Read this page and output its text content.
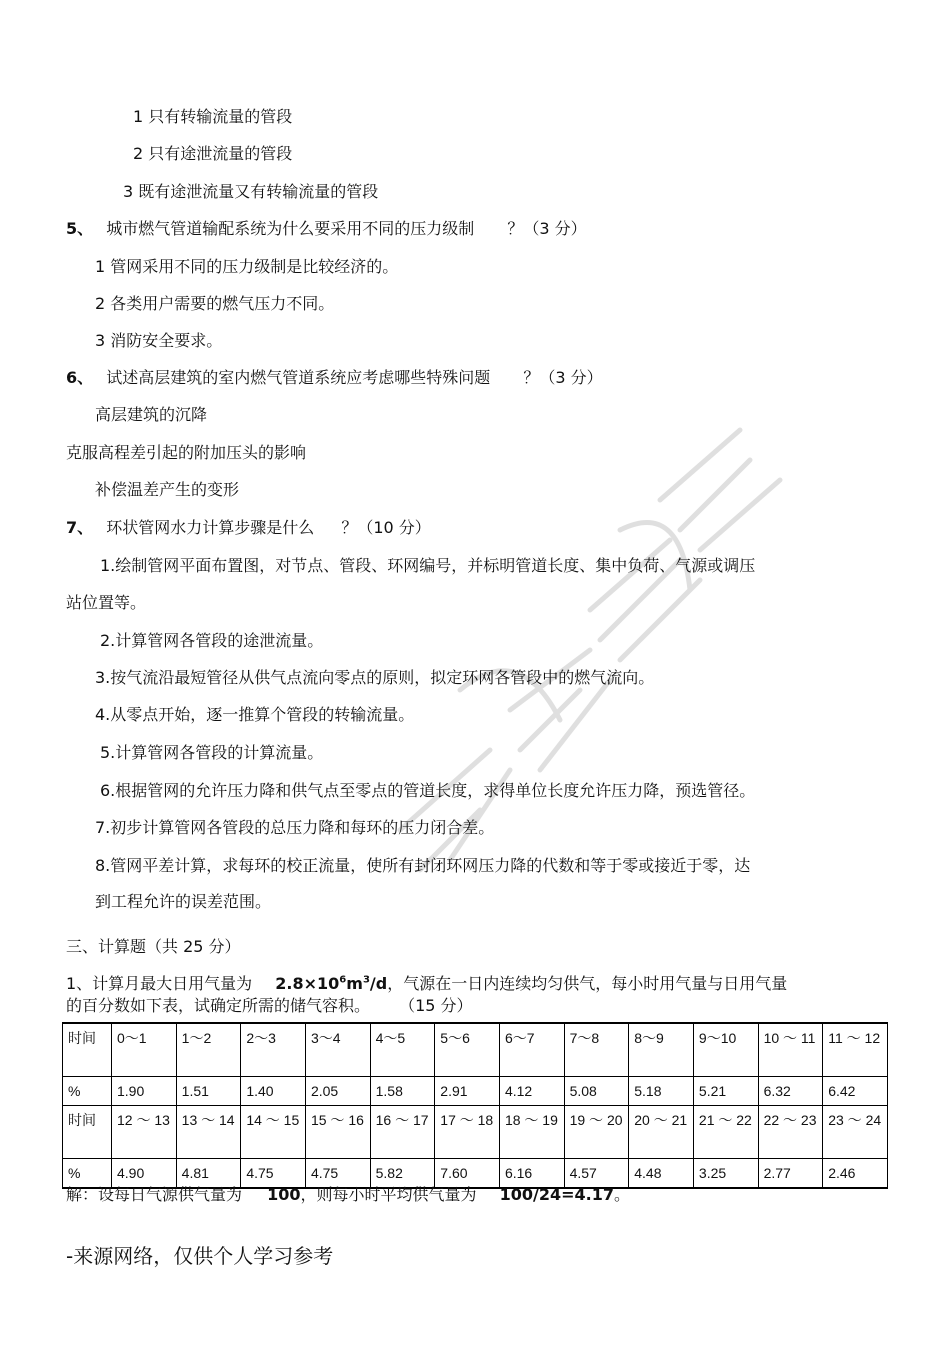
1 只有转输流量的管段
2 只有途泄流量的管段
3 既有途泄流量又有转输流量的管段
5、 城市燃气管道输配系统为什么要采用不同的压力级制 ？（3 分）
1 管网采用不同的压力级制是比较经济的。
2 各类用户需要的燃气压力不同。
3 消防安全要求。
6、 试述高层建筑的室内燃气管道系统应考虑哪些特殊问题 ？（3 分）
高层建筑的沉降
克服高程差引起的附加压头的影响
补偿温差产生的变形
7、 环状管网水力计算步骤是什么 ？（10 分）
1.绘制管网平面布置图，对节点、管段、环网编号，并标明管道长度、集中负荷、气源或调压
站位置等。
2.计算管网各管段的途泄流量。
3.按气流沿最短管径从供气点流向零点的原则，拟定环网各管段中的燃气流向。
4.从零点开始，逐一推算个管段的转输流量。
5.计算管网各管段的计算流量。
6.根据管网的允许压力降和供气点至零点的管道长度，求得单位长度允许压力降，预选管径。
7.初步计算管网各管段的总压力降和每环的压力闭合差。
8.管网平差计算，求每环的校正流量，使所有封闭环网压力降的代数和等于零或接近于零，达
到工程允许的误差范围。
三、计算题（共 25 分）
1、计算月最大日用气量为 $2.8\times 10^6m^3/d$，气源在一日内连续均匀供气，每小时用气量与日用气量
的百分数如下表，试确定所需的储气容积。 （15 分）
时间	0～1	1～2	2～3	3～4	4～5	5～6	6～7	7～8	8～9	9～10	10 ～ 11	11 ～ 12
%	1.90	1.51	1.40	2.05	1.58	2.91	4.12	5.08	5.18	5.21	6.32	6.42
时间	12 ～ 13	13 ～ 14	14 ～ 15	15 ～ 16	16 ～ 17	17 ～ 18	18 ～ 19	19 ～ 20	20 ～ 21	21 ～ 22	22 ～ 23	23 ～ 24
%	4.90	4.81	4.75	4.75	5.82	7.60	6.16	4.57	4.48	3.25	2.77	2.46
解：设每日气源供气量为 100，则每小时平均供气量为 100/24=4.17。
-来源网络，仅供个人学习参考
